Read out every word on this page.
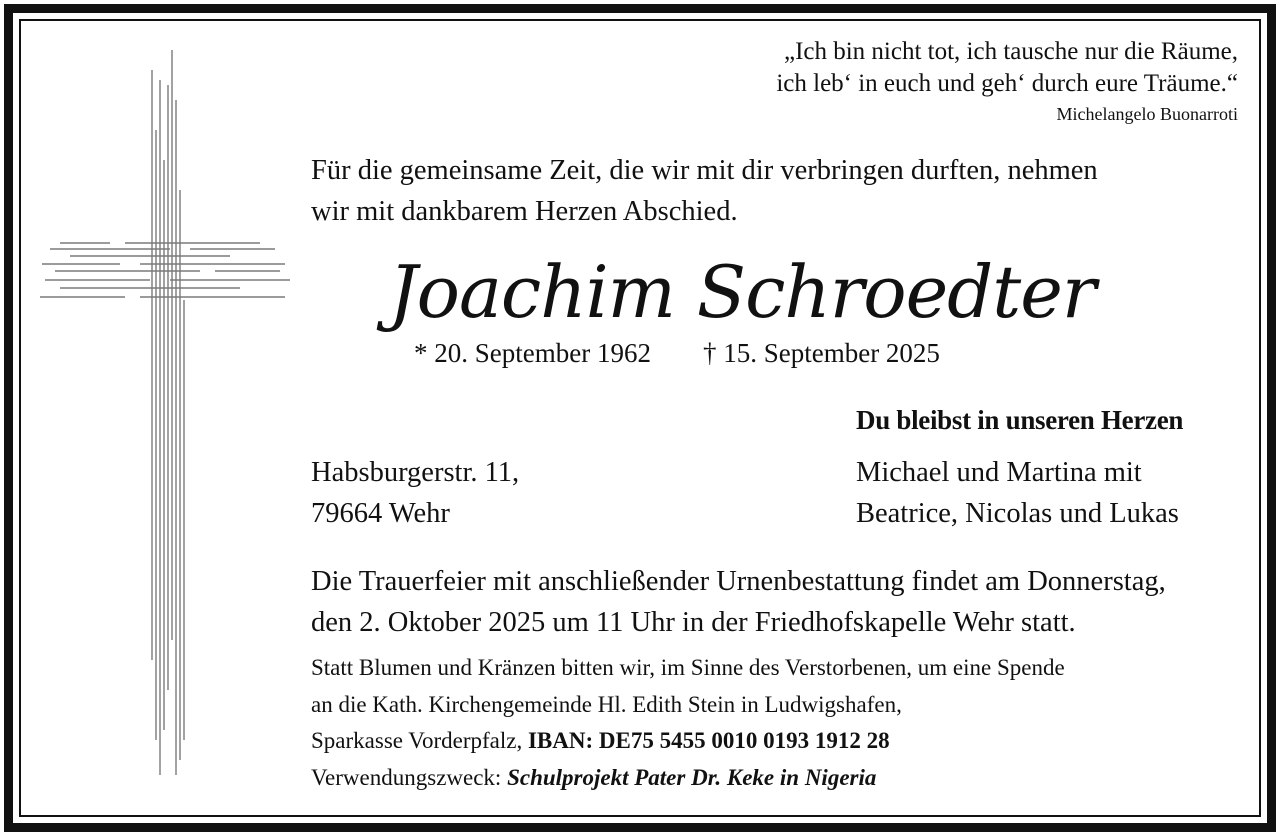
„Ich bin nicht tot, ich tausche nur die Räume,
ich leb‘ in euch und geh‘ durch eure Träume.“
Michelangelo Buonarroti
Für die gemeinsame Zeit, die wir mit dir verbringen durften, nehmen
wir mit dankbarem Herzen Abschied.
Joachim Schroedter
* 20. September 1962 † 15. September 2025
Du bleibst in unseren Herzen
Habsburgerstr. 11,
79664 Wehr
Michael und Martina mit
Beatrice, Nicolas und Lukas
Die Trauerfeier mit anschließender Urnenbestattung findet am Donnerstag,
den 2. Oktober 2025 um 11 Uhr in der Friedhofskapelle Wehr statt.
Statt Blumen und Kränzen bitten wir, im Sinne des Verstorbenen, um eine Spende
an die Kath. Kirchengemeinde Hl. Edith Stein in Ludwigshafen,
Sparkasse Vorderpfalz, IBAN: DE75 5455 0010 0193 1912 28
Verwendungszweck: Schulprojekt Pater Dr. Keke in Nigeria
